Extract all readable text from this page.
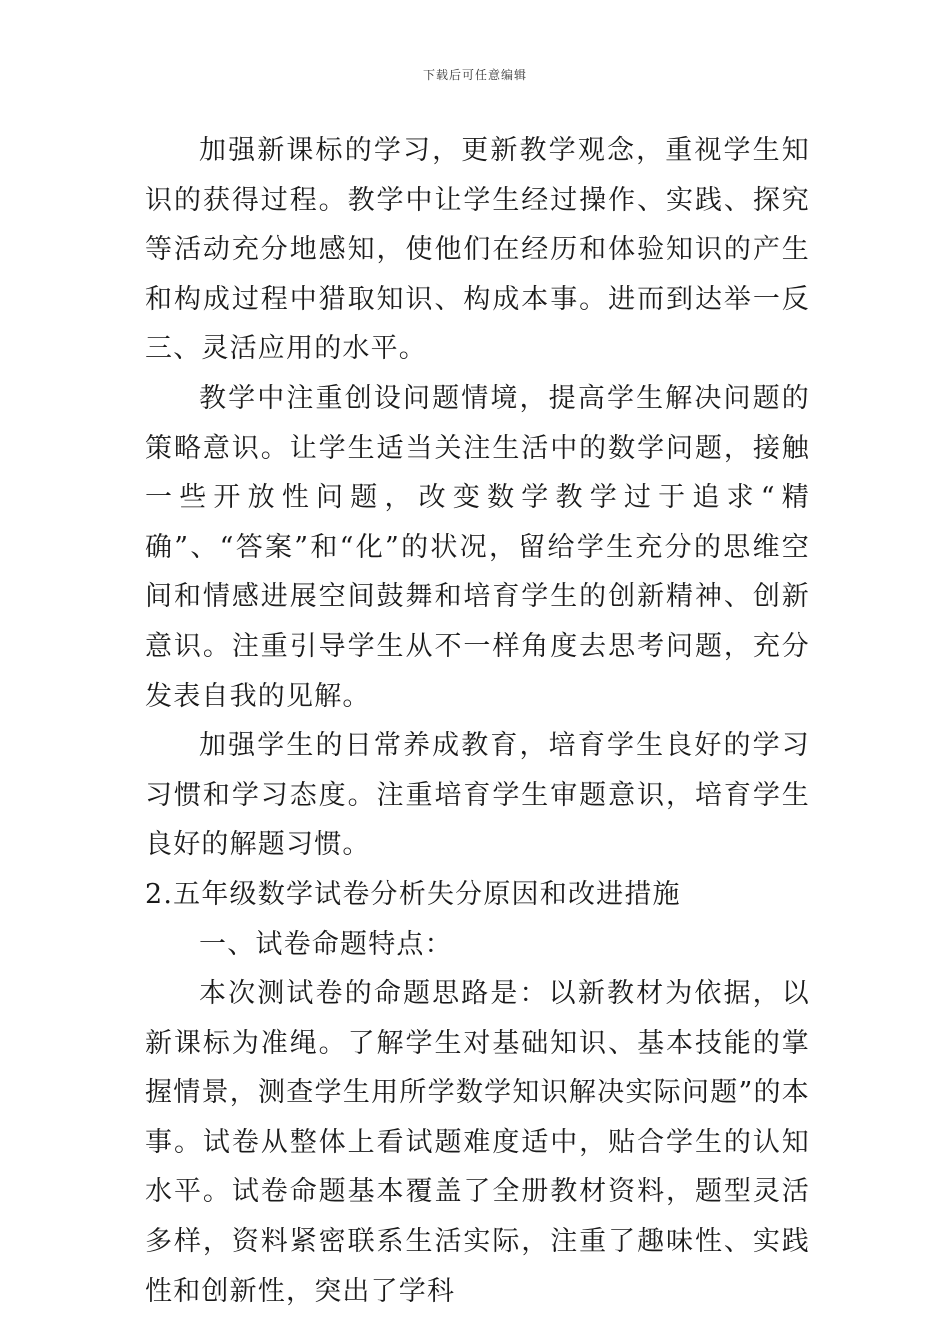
下载后可任意编辑

加强新课标的学习，更新教学观念，重视学生知识的获得过程。教学中让学生经过操作、实践、探究等活动充分地感知，使他们在经历和体验知识的产生和构成过程中猎取知识、构成本事。进而到达举一反三、灵活应用的水平。

教学中注重创设问题情境，提高学生解决问题的策略意识。让学生适当关注生活中的数学问题，接触一些开放性问题，改变数学教学过于追求“精确”、“答案”和“化”的状况，留给学生充分的思维空间和情感进展空间鼓舞和培育学生的创新精神、创新意识。注重引导学生从不一样角度去思考问题，充分发表自我的见解。

加强学生的日常养成教育，培育学生良好的学习习惯和学习态度。注重培育学生审题意识，培育学生良好的解题习惯。

2.五年级数学试卷分析失分原因和改进措施

一、试卷命题特点：

本次测试卷的命题思路是：以新教材为依据，以新课标为准绳。了解学生对基础知识、基本技能的掌握情景，测查学生用所学数学知识解决实际问题”的本事。试卷从整体上看试题难度适中，贴合学生的认知水平。试卷命题基本覆盖了全册教材资料，题型灵活多样，资料紧密联系生活实际，注重了趣味性、实践性和创新性，突出了学科
